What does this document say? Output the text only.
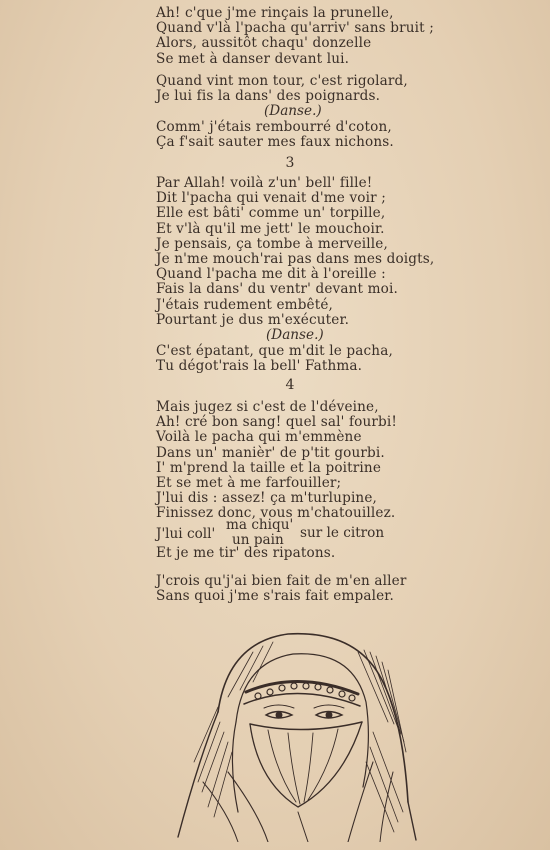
Ah! c'que j'me rinçais la prunelle,
Quand v'là l'pacha qu'arriv' sans bruit ;
Alors, aussitôt chaqu' donzelle
Se met à danser devant lui.
Quand vint mon tour, c'est rigolard,
Je lui fis la dans' des poignards.
(Danse.)
Comm' j'étais rembourré d'coton,
Ça f'sait sauter mes faux nichons.
3
Par Allah! voilà z'un' bell' fille!
Dit l'pacha qui venait d'me voir ;
Elle est bâti' comme un' torpille,
Et v'là qu'il me jett' le mouchoir.
Je pensais, ça tombe à merveille,
Je n'me mouch'rai pas dans mes doigts,
Quand l'pacha me dit à l'oreille :
Fais la dans' du ventr' devant moi.
J'étais rudement embêté,
Pourtant je dus m'exécuter.
(Danse.)
C'est épatant, que m'dit le pacha,
Tu dégot'rais la bell' Fathma.
4
Mais jugez si c'est de l'déveine,
Ah! cré bon sang! quel sal' fourbi!
Voilà le pacha qui m'emmène
Dans un' manièr' de p'tit gourbi.
I' m'prend la taille et la poitrine
Et se met à me farfouiller;
J'lui dis : assez! ça m'turlupine,
Finissez donc, vous m'chatouillez.
J'lui coll'
ma chiqu'
un pain sur le citron
Et je me tir' des ripatons.
J'crois qu'j'ai bien fait de m'en aller
Sans quoi j'me s'rais fait empaler.
